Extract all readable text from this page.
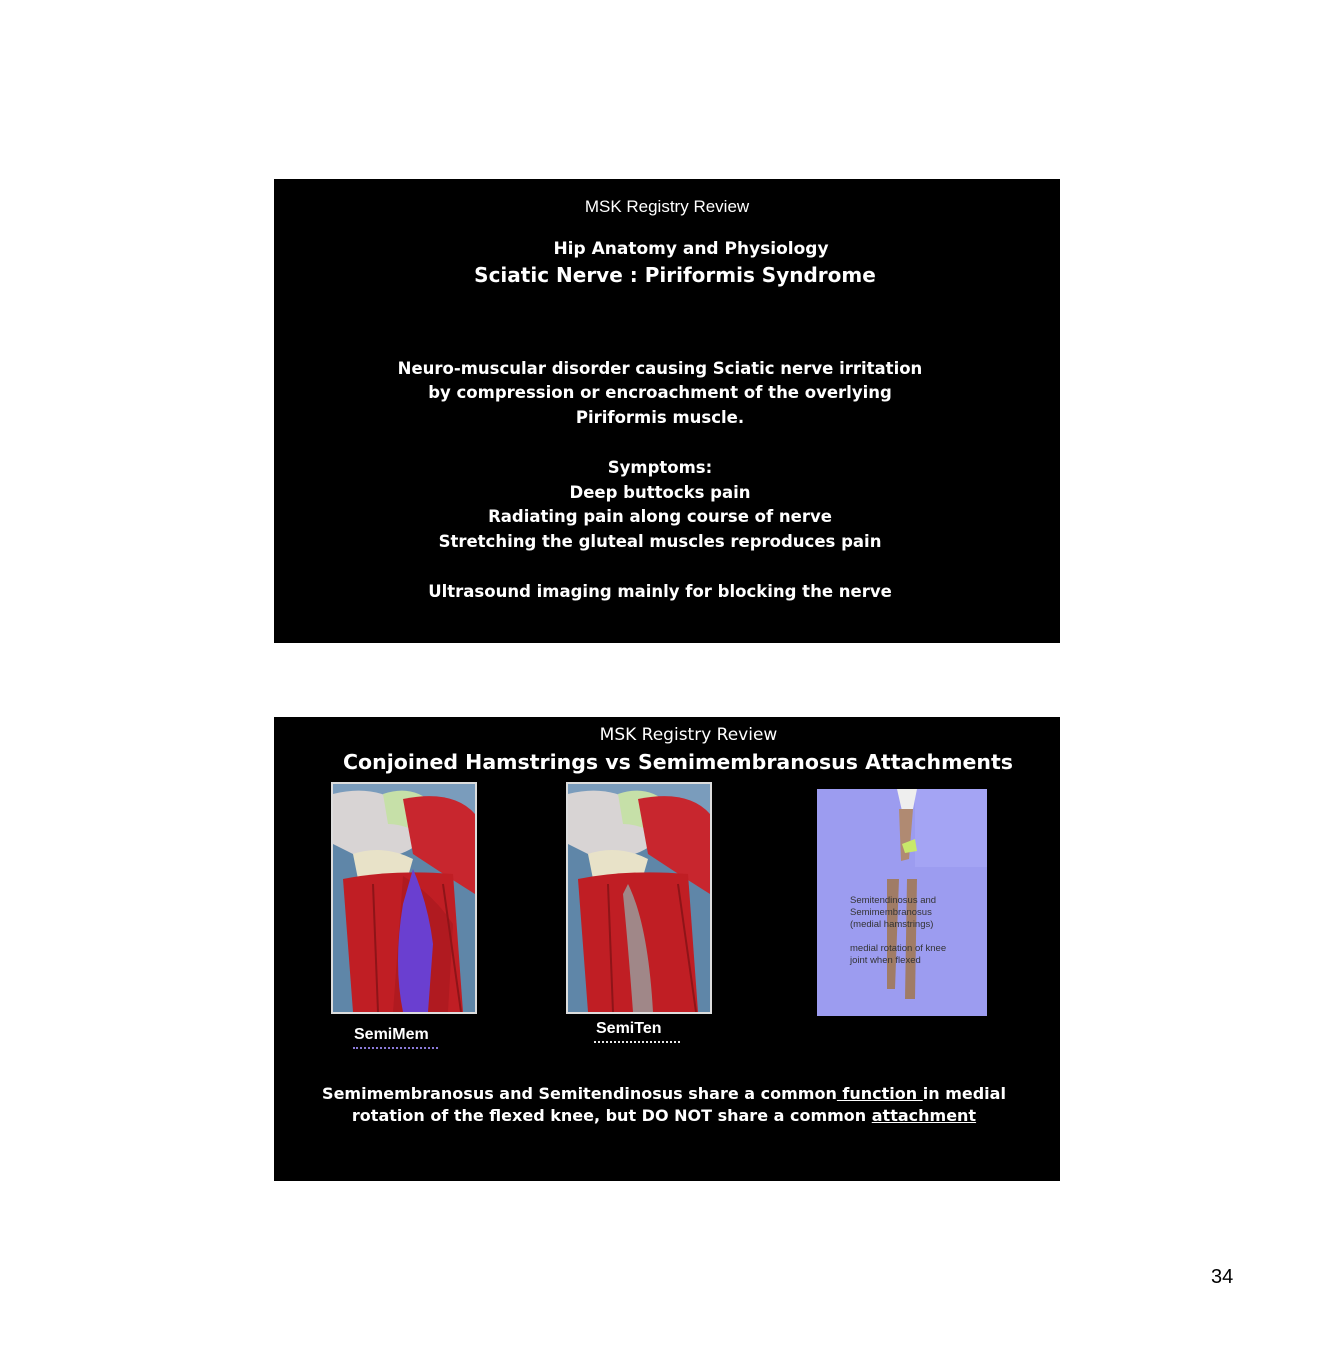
MSK Registry Review
Hip Anatomy and Physiology
Sciatic Nerve : Piriformis Syndrome
Neuro-muscular disorder causing Sciatic nerve irritation
by compression or encroachment of the overlying
Piriformis muscle.
Symptoms:
Deep buttocks pain
Radiating pain along course of nerve
Stretching the gluteal muscles reproduces pain
Ultrasound imaging mainly for blocking the nerve
MSK Registry Review
Conjoined Hamstrings vs Semimembranosus Attachments
SemiMem	SemiTen
Semitendinosus and
Semimembranosus
(medial hamstrings)
medial rotation of knee
joint when flexed
Semimembranosus and Semitendinosus share a common function in medial
rotation of the flexed knee, but DO NOT share a common attachment
34
